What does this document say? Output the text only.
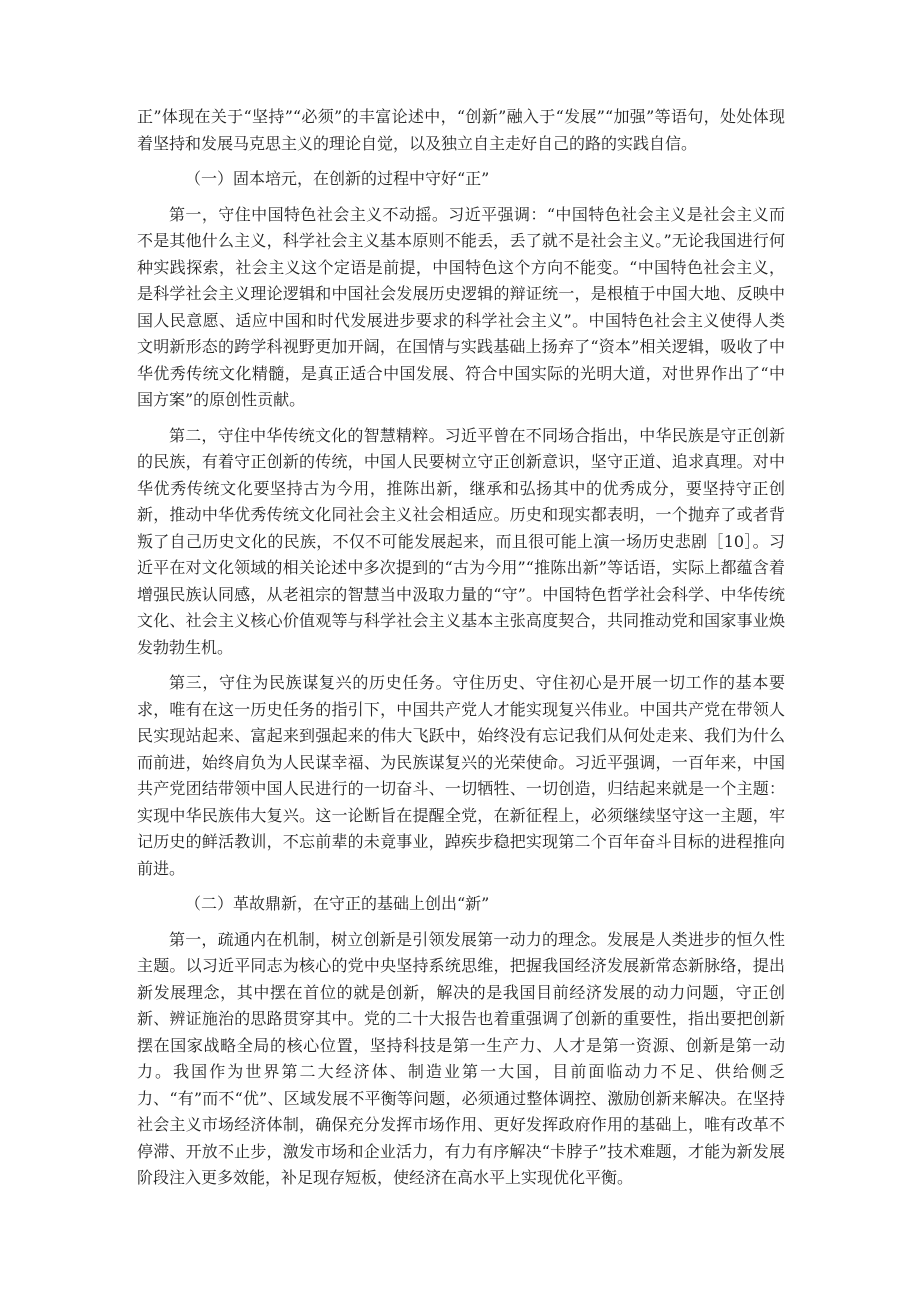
正”体现在关于“坚持”“必须”的丰富论述中，“创新”融入于“发展”“加强”等语句，处处体现着坚持和发展马克思主义的理论自觉，以及独立自主走好自己的路的实践自信。

（一）固本培元，在创新的过程中守好“正”

第一，守住中国特色社会主义不动摇。习近平强调：“中国特色社会主义是社会主义而不是其他什么主义，科学社会主义基本原则不能丢，丢了就不是社会主义。”无论我国进行何种实践探索，社会主义这个定语是前提，中国特色这个方向不能变。“中国特色社会主义，是科学社会主义理论逻辑和中国社会发展历史逻辑的辩证统一，是根植于中国大地、反映中国人民意愿、适应中国和时代发展进步要求的科学社会主义”。中国特色社会主义使得人类文明新形态的跨学科视野更加开阔，在国情与实践基础上扬弃了“资本”相关逻辑，吸收了中华优秀传统文化精髓，是真正适合中国发展、符合中国实际的光明大道，对世界作出了“中国方案”的原创性贡献。

第二，守住中华传统文化的智慧精粹。习近平曾在不同场合指出，中华民族是守正创新的民族，有着守正创新的传统，中国人民要树立守正创新意识，坚守正道、追求真理。对中华优秀传统文化要坚持古为今用，推陈出新，继承和弘扬其中的优秀成分，要坚持守正创新，推动中华优秀传统文化同社会主义社会相适应。历史和现实都表明，一个抛弃了或者背叛了自己历史文化的民族，不仅不可能发展起来，而且很可能上演一场历史悲剧［10］。习近平在对文化领域的相关论述中多次提到的“古为今用”“推陈出新”等话语，实际上都蕴含着增强民族认同感，从老祖宗的智慧当中汲取力量的“守”。中国特色哲学社会科学、中华传统文化、社会主义核心价值观等与科学社会主义基本主张高度契合，共同推动党和国家事业焕发勃勃生机。

第三，守住为民族谋复兴的历史任务。守住历史、守住初心是开展一切工作的基本要求，唯有在这一历史任务的指引下，中国共产党人才能实现复兴伟业。中国共产党在带领人民实现站起来、富起来到强起来的伟大飞跃中，始终没有忘记我们从何处走来、我们为什么而前进，始终肩负为人民谋幸福、为民族谋复兴的光荣使命。习近平强调，一百年来，中国共产党团结带领中国人民进行的一切奋斗、一切牺牲、一切创造，归结起来就是一个主题：实现中华民族伟大复兴。这一论断旨在提醒全党，在新征程上，必须继续坚守这一主题，牢记历史的鲜活教训，不忘前辈的未竟事业，踔疾步稳把实现第二个百年奋斗目标的进程推向前进。

（二）革故鼎新，在守正的基础上创出“新”

第一，疏通内在机制，树立创新是引领发展第一动力的理念。发展是人类进步的恒久性主题。以习近平同志为核心的党中央坚持系统思维，把握我国经济发展新常态新脉络，提出新发展理念，其中摆在首位的就是创新，解决的是我国目前经济发展的动力问题，守正创新、辨证施治的思路贯穿其中。党的二十大报告也着重强调了创新的重要性，指出要把创新摆在国家战略全局的核心位置，坚持科技是第一生产力、人才是第一资源、创新是第一动力。我国作为世界第二大经济体、制造业第一大国，目前面临动力不足、供给侧乏力、“有”而不“优”、区域发展不平衡等问题，必须通过整体调控、激励创新来解决。在坚持社会主义市场经济体制，确保充分发挥市场作用、更好发挥政府作用的基础上，唯有改革不停滞、开放不止步，激发市场和企业活力，有力有序解决“卡脖子”技术难题，才能为新发展阶段注入更多效能，补足现存短板，使经济在高水平上实现优化平衡。
